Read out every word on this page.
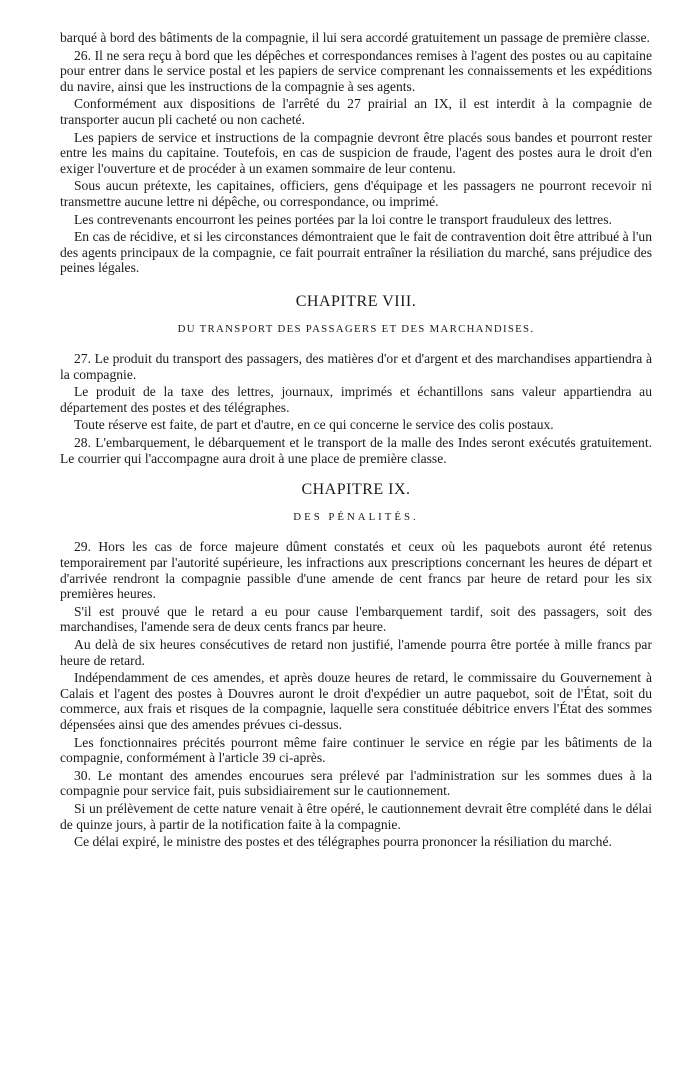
barqué à bord des bâtiments de la compagnie, il lui sera accordé gratuitement un passage de première classe.

26. Il ne sera reçu à bord que les dépêches et correspondances remises à l'agent des postes ou au capitaine pour entrer dans le service postal et les papiers de service comprenant les connaissements et les expéditions du navire, ainsi que les instructions de la compagnie à ses agents.

Conformément aux dispositions de l'arrêté du 27 prairial an IX, il est interdit à la compagnie de transporter aucun pli cacheté ou non cacheté.

Les papiers de service et instructions de la compagnie devront être placés sous bandes et pourront rester entre les mains du capitaine. Toutefois, en cas de suspicion de fraude, l'agent des postes aura le droit d'en exiger l'ouverture et de procéder à un examen sommaire de leur contenu.

Sous aucun prétexte, les capitaines, officiers, gens d'équipage et les passagers ne pourront recevoir ni transmettre aucune lettre ni dépêche, ou correspondance, ou imprimé.

Les contrevenants encourront les peines portées par la loi contre le transport frauduleux des lettres.

En cas de récidive, et si les circonstances démontraient que le fait de contravention doit être attribué à l'un des agents principaux de la compagnie, ce fait pourrait entraîner la résiliation du marché, sans préjudice des peines légales.

CHAPITRE VIII.
DU TRANSPORT DES PASSAGERS ET DES MARCHANDISES.

27. Le produit du transport des passagers, des matières d'or et d'argent et des marchandises appartiendra à la compagnie.

Le produit de la taxe des lettres, journaux, imprimés et échantillons sans valeur appartiendra au département des postes et des télégraphes.

Toute réserve est faite, de part et d'autre, en ce qui concerne le service des colis postaux.

28. L'embarquement, le débarquement et le transport de la malle des Indes seront exécutés gratuitement. Le courrier qui l'accompagne aura droit à une place de première classe.

CHAPITRE IX.
DES PÉNALITÉS.

29. Hors les cas de force majeure dûment constatés et ceux où les paquebots auront été retenus temporairement par l'autorité supérieure, les infractions aux prescriptions concernant les heures de départ et d'arrivée rendront la compagnie passible d'une amende de cent francs par heure de retard pour les six premières heures.

S'il est prouvé que le retard a eu pour cause l'embarquement tardif, soit des passagers, soit des marchandises, l'amende sera de deux cents francs par heure.

Au delà de six heures consécutives de retard non justifié, l'amende pourra être portée à mille francs par heure de retard.

Indépendamment de ces amendes, et après douze heures de retard, le commissaire du Gouvernement à Calais et l'agent des postes à Douvres auront le droit d'expédier un autre paquebot, soit de l'État, soit du commerce, aux frais et risques de la compagnie, laquelle sera constituée débitrice envers l'État des sommes dépensées ainsi que des amendes prévues ci-dessus.

Les fonctionnaires précités pourront même faire continuer le service en régie par les bâtiments de la compagnie, conformément à l'article 39 ci-après.

30. Le montant des amendes encourues sera prélevé par l'administration sur les sommes dues à la compagnie pour service fait, puis subsidiairement sur le cautionnement.

Si un prélèvement de cette nature venait à être opéré, le cautionnement devrait être complété dans le délai de quinze jours, à partir de la notification faite à la compagnie.

Ce délai expiré, le ministre des postes et des télégraphes pourra prononcer la résiliation du marché.
